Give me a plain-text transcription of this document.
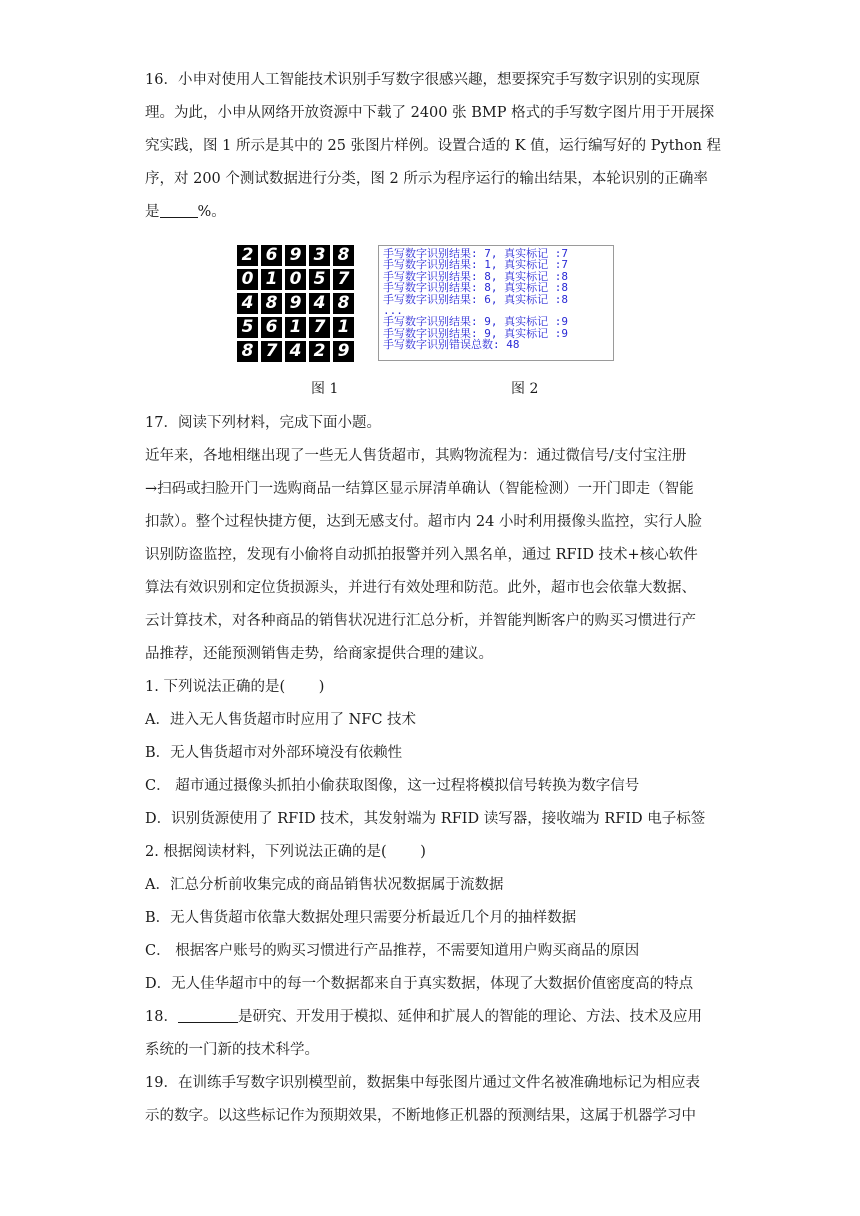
16．小申对使用人工智能技术识别手写数字很感兴趣，想要探究手写数字识别的实现原

理。为此，小申从网络开放资源中下载了 2400 张 BMP 格式的手写数字图片用于开展探

究实践，图 1 所示是其中的 25 张图片样例。设置合适的 K 值，运行编写好的 Python 程

序，对 200 个测试数据进行分类，图 2 所示为程序运行的输出结果，本轮识别的正确率

是	%。

2 6 9 3 8
0 1 0 5 7
4 8 9 4 8
5 6 1 7 1
8 7 4 2 9
图 1

手写数字识别结果: 7, 真实标记 :7

手写数字识别结果: 1, 真实标记 :7

手写数字识别结果: 8, 真实标记 :8

手写数字识别结果: 8, 真实标记 :8

手写数字识别结果: 6, 真实标记 :8

...

手写数字识别结果: 9, 真实标记 :9

手写数字识别结果: 9, 真实标记 :9

手写数字识别错误总数: 48

图 2

17．阅读下列材料，完成下面小题。

近年来，各地相继出现了一些无人售货超市，其购物流程为：通过微信号/支付宝注册

→扫码或扫脸开门一选购商品一结算区显示屏清单确认（智能检测）一开门即走（智能

扣款）。整个过程快捷方便，达到无感支付。超市内 24 小时利用摄像头监控，实行人脸

识别防盗监控，发现有小偷将自动抓拍报警并列入黑名单，通过 RFID 技术+核心软件

算法有效识别和定位货损源头，并进行有效处理和防范。此外，超市也会依靠大数据、

云计算技术，对各种商品的销售状况进行汇总分析，并智能判断客户的购买习惯进行产

品推荐，还能预测销售走势，给商家提供合理的建议。

1. 下列说法正确的是(　　 )

A．进入无人售货超市时应用了 NFC 技术

B．无人售货超市对外部环境没有依赖性

C． 超市通过摄像头抓拍小偷获取图像，这一过程将模拟信号转换为数字信号

D．识别货源使用了 RFID 技术，其发射端为 RFID 读写器，接收端为 RFID 电子标签

2. 根据阅读材料，下列说法正确的是(　　 )

A．汇总分析前收集完成的商品销售状况数据属于流数据

B．无人售货超市依靠大数据处理只需要分析最近几个月的抽样数据

C． 根据客户账号的购买习惯进行产品推荐，不需要知道用户购买商品的原因

D．无人佳华超市中的每一个数据都来自于真实数据，体现了大数据价值密度高的特点

18．	是研究、开发用于模拟、延伸和扩展人的智能的理论、方法、技术及应用

系统的一门新的技术科学。

19．在训练手写数字识别模型前，数据集中每张图片通过文件名被准确地标记为相应表

示的数字。以这些标记作为预期效果，不断地修正机器的预测结果，这属于机器学习中
